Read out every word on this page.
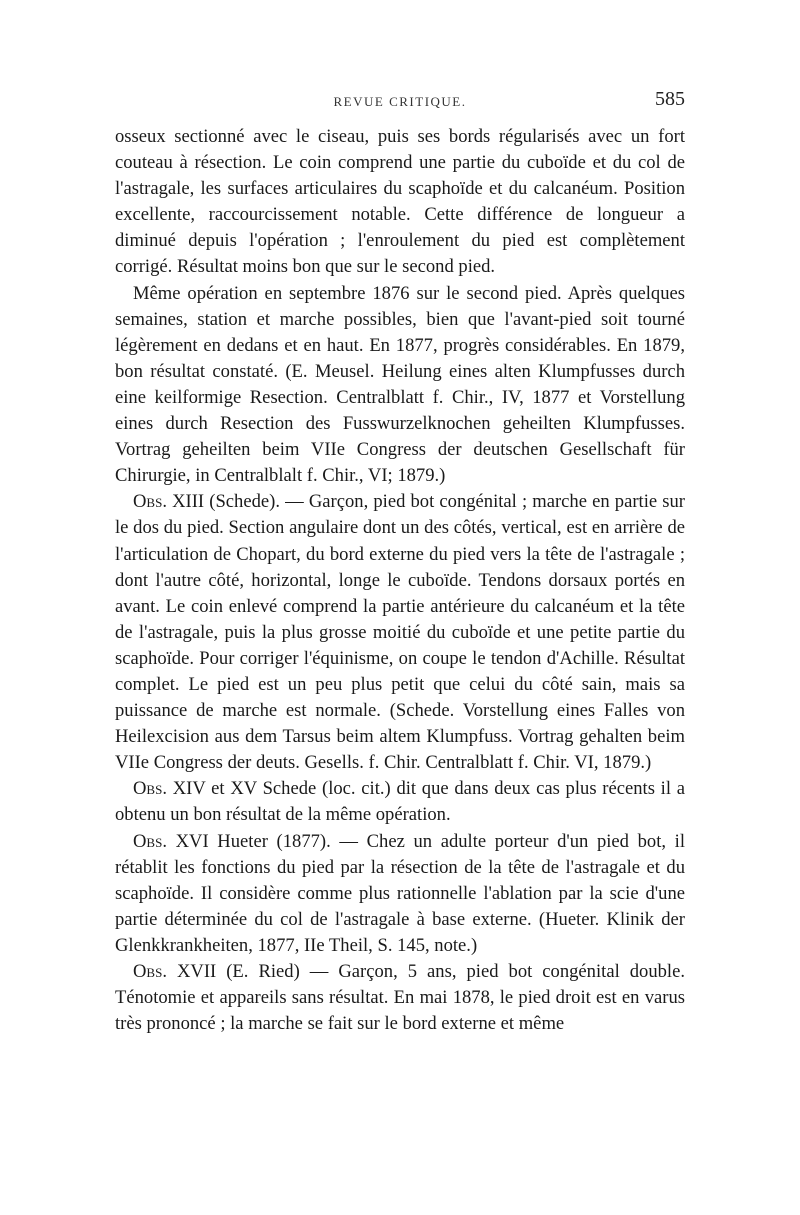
REVUE CRITIQUE.	585

osseux sectionné avec le ciseau, puis ses bords régularisés avec un fort couteau à résection. Le coin comprend une partie du cuboïde et du col de l'astragale, les surfaces articulaires du scaphoïde et du calcanéum. Position excellente, raccourcissement notable. Cette différence de longueur a diminué depuis l'opération ; l'enroulement du pied est complètement corrigé. Résultat moins bon que sur le second pied.

Même opération en septembre 1876 sur le second pied. Après quelques semaines, station et marche possibles, bien que l'avant-pied soit tourné légèrement en dedans et en haut. En 1877, progrès considérables. En 1879, bon résultat constaté. (E. Meusel. Heilung eines alten Klumpfusses durch eine keilformige Resection. Centralblatt f. Chir., IV, 1877 et Vorstellung eines durch Resection des Fusswurzelknochen geheilten Klumpfusses. Vortrag geheilten beim VIIe Congress der deutschen Gesellschaft für Chirurgie, in Centralblalt f. Chir., VI; 1879.)

Obs. XIII (Schede). — Garçon, pied bot congénital ; marche en partie sur le dos du pied. Section angulaire dont un des côtés, vertical, est en arrière de l'articulation de Chopart, du bord externe du pied vers la tête de l'astragale ; dont l'autre côté, horizontal, longe le cuboïde. Tendons dorsaux portés en avant. Le coin enlevé comprend la partie antérieure du calcanéum et la tête de l'astragale, puis la plus grosse moitié du cuboïde et une petite partie du scaphoïde. Pour corriger l'équinisme, on coupe le tendon d'Achille. Résultat complet. Le pied est un peu plus petit que celui du côté sain, mais sa puissance de marche est normale. (Schede. Vorstellung eines Falles von Heilexcision aus dem Tarsus beim altem Klumpfuss. Vortrag gehalten beim VIIe Congress der deuts. Gesells. f. Chir. Centralblatt f. Chir. VI, 1879.)

Obs. XIV et XV Schede (loc. cit.) dit que dans deux cas plus récents il a obtenu un bon résultat de la même opération.

Obs. XVI Hueter (1877). — Chez un adulte porteur d'un pied bot, il rétablit les fonctions du pied par la résection de la tête de l'astragale et du scaphoïde. Il considère comme plus rationnelle l'ablation par la scie d'une partie déterminée du col de l'astragale à base externe. (Hueter. Klinik der Glenkkrankheiten, 1877, IIe Theil, S. 145, note.)

Obs. XVII (E. Ried) — Garçon, 5 ans, pied bot congénital double. Ténotomie et appareils sans résultat. En mai 1878, le pied droit est en varus très prononcé ; la marche se fait sur le bord externe et même
